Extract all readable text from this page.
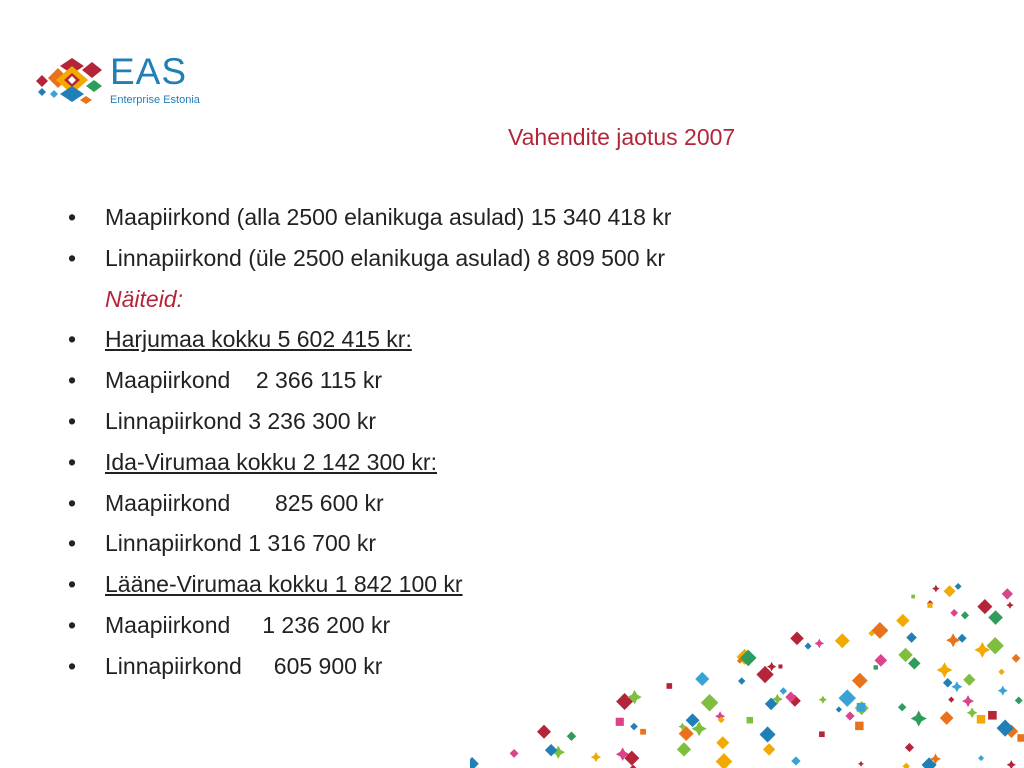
EAS
Enterprise Estonia
Vahendite jaotus 2007
• Maapiirkond (alla 2500 elanikuga asulad) 15 340 418 kr
• Linnapiirkond (üle 2500 elanikuga asulad) 8 809 500 kr
Näiteid:
• Harjumaa kokku 5 602 415 kr:
• Maapiirkond    2 366 115 kr
• Linnapiirkond 3 236 300 kr
• Ida-Virumaa kokku 2 142 300 kr:
• Maapiirkond       825 600 kr
• Linnapiirkond 1 316 700 kr
• Lääne-Virumaa kokku 1 842 100 kr
• Maapiirkond     1 236 200 kr
• Linnapiirkond     605 900 kr
